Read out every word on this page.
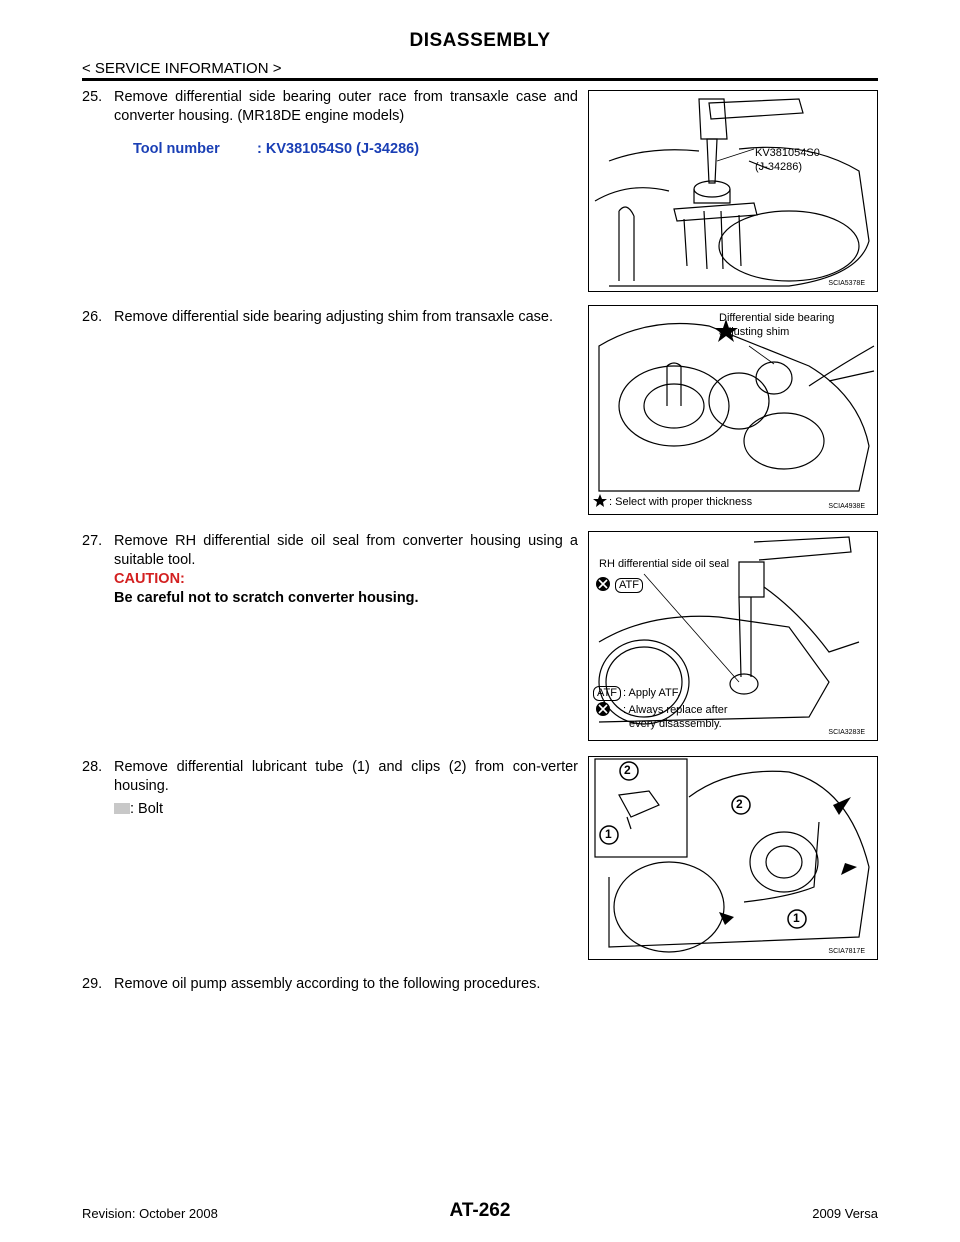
DISASSEMBLY
< SERVICE INFORMATION >
25. Remove differential side bearing outer race from transaxle case and converter housing. (MR18DE engine models)
Tool number	: KV381054S0 (J-34286)	KV381054S0
(J-34286)
SCIA5378E
26. Remove differential side bearing adjusting shim from transaxle case.	Differential side bearing
adjusting shim
: Select with proper thickness	SCIA4938E
27. Remove RH differential side oil seal from converter housing using a suitable tool.
CAUTION:
Be careful not to scratch converter housing.
RH differential side oil seal
ATF
ATF : Apply ATF.
: Always replace after
every disassembly.
SCIA3283E
28. Remove differential lubricant tube (1) and clips (2) from con-verter housing.
: Bolt
2
1
2
1
SCIA7817E
29. Remove oil pump assembly according to the following procedures.
Revision: October 2008	AT-262	2009 Versa
